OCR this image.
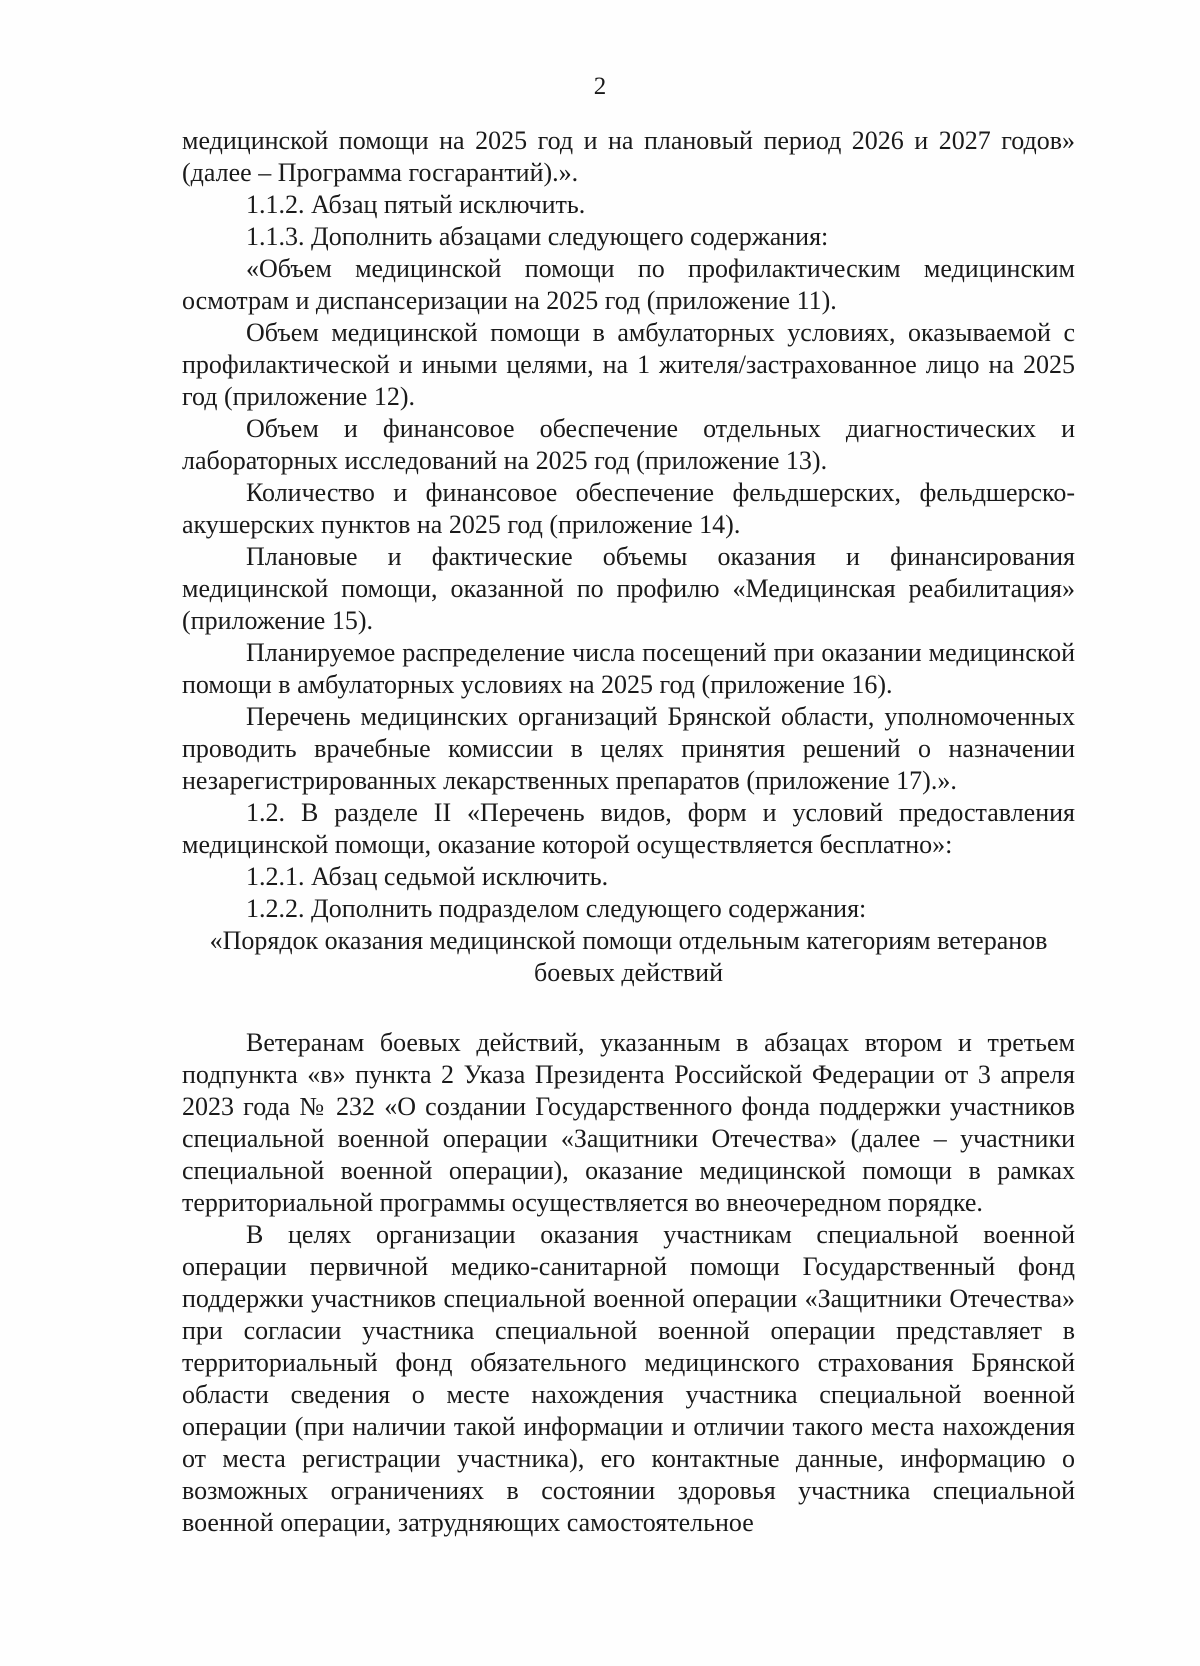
2

медицинской помощи на 2025 год и на плановый период 2026 и 2027 годов» (далее – Программа госгарантий).».

1.1.2. Абзац пятый исключить.

1.1.3. Дополнить абзацами следующего содержания:

«Объем медицинской помощи по профилактическим медицинским осмотрам и диспансеризации на 2025 год (приложение 11).

Объем медицинской помощи в амбулаторных условиях, оказываемой с профилактической и иными целями, на 1 жителя/застрахованное лицо на 2025 год (приложение 12).

Объем и финансовое обеспечение отдельных диагностических и лабораторных исследований на 2025 год (приложение 13).

Количество и финансовое обеспечение фельдшерских, фельдшерско-акушерских пунктов на 2025 год (приложение 14).

Плановые и фактические объемы оказания и финансирования медицинской помощи, оказанной по профилю «Медицинская реабилитация» (приложение 15).

Планируемое распределение числа посещений при оказании медицинской помощи в амбулаторных условиях на 2025 год (приложение 16).

Перечень медицинских организаций Брянской области, уполномоченных проводить врачебные комиссии в целях принятия решений о назначении незарегистрированных лекарственных препаратов (приложение 17).».

1.2. В разделе II «Перечень видов, форм и условий предоставления медицинской помощи, оказание которой осуществляется бесплатно»:

1.2.1. Абзац седьмой исключить.

1.2.2. Дополнить подразделом следующего содержания:

«Порядок оказания медицинской помощи отдельным категориям ветеранов боевых действий

Ветеранам боевых действий, указанным в абзацах втором и третьем подпункта «в» пункта 2 Указа Президента Российской Федерации от 3 апреля 2023 года № 232 «О создании Государственного фонда поддержки участников специальной военной операции «Защитники Отечества» (далее – участники специальной военной операции), оказание медицинской помощи в рамках территориальной программы осуществляется во внеочередном порядке.

В целях организации оказания участникам специальной военной операции первичной медико-санитарной помощи Государственный фонд поддержки участников специальной военной операции «Защитники Отечества» при согласии участника специальной военной операции представляет в территориальный фонд обязательного медицинского страхования Брянской области сведения о месте нахождения участника специальной военной операции (при наличии такой информации и отличии такого места нахождения от места регистрации участника), его контактные данные, информацию о возможных ограничениях в состоянии здоровья участника специальной военной операции, затрудняющих самостоятельное
